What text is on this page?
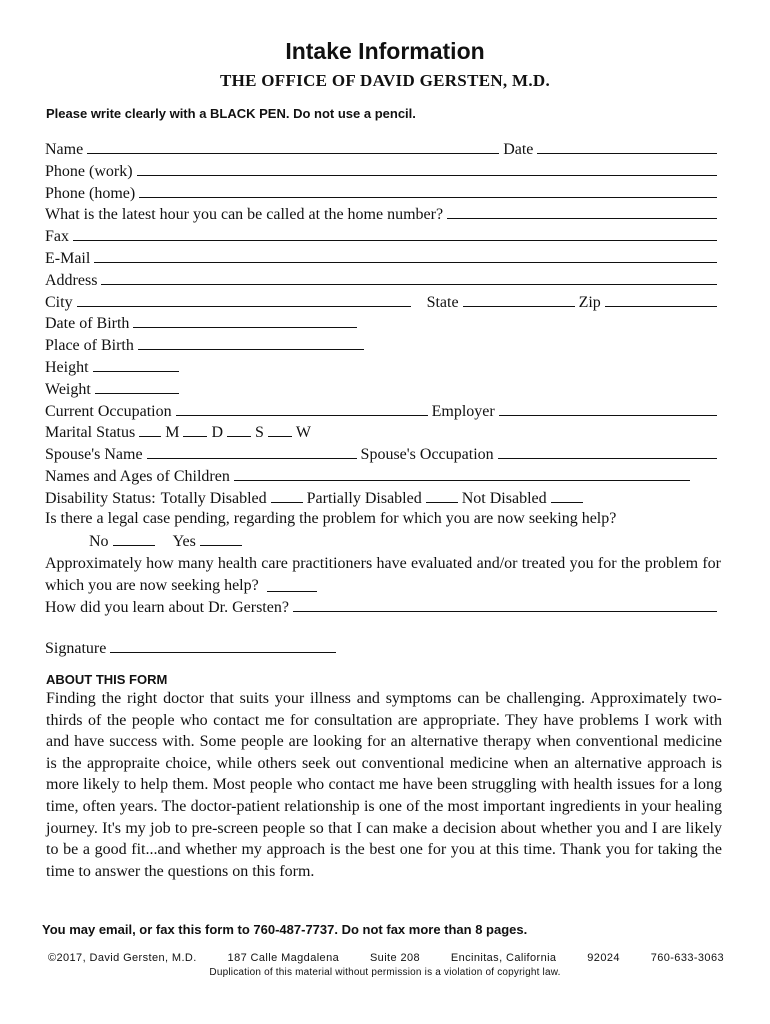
Intake Information
THE OFFICE OF DAVID GERSTEN, M.D.
Please write clearly with a BLACK PEN. Do not use a pencil.
Name	Date
Phone (work)
Phone (home)
What is the latest hour you can be called at the home number?
Fax
E-Mail
Address
City	State	Zip
Date of Birth
Place of Birth
Height
Weight
Current Occupation	Employer
Marital Status M D S W
Spouse's Name	Spouse's Occupation
Names and Ages of Children
Disability Status: Totally Disabled	Partially Disabled	Not Disabled
Is there a legal case pending, regarding the problem for which you are now seeking help?
No	Yes
Approximately how many health care practitioners have evaluated and/or treated you for the problem for which you are now seeking help?
How did you learn about Dr. Gersten?
Signature
ABOUT THIS FORM
Finding the right doctor that suits your illness and symptoms can be challenging. Approximately two-thirds of the people who contact me for consultation are appropriate. They have problems I work with and have success with. Some people are looking for an alternative therapy when conventional medicine is the appropraite choice, while others seek out conventional medicine when an alternative approach is more likely to help them. Most people who contact me have been struggling with health issues for a long time, often years. The doctor-patient relationship is one of the most important ingredients in your healing journey. It's my job to pre-screen people so that I can make a decision about whether you and I are likely to be a good fit...and whether my approach is the best one for you at this time. Thank you for taking the time to answer the questions on this form.
You may email, or fax this form to 760-487-7737. Do not fax more than 8 pages.
©2017, David Gersten, M.D.	187 Calle Magdalena	Suite 208	Encinitas, California	92024	760-633-3063
Duplication of this material without permission is a violation of copyright law.
